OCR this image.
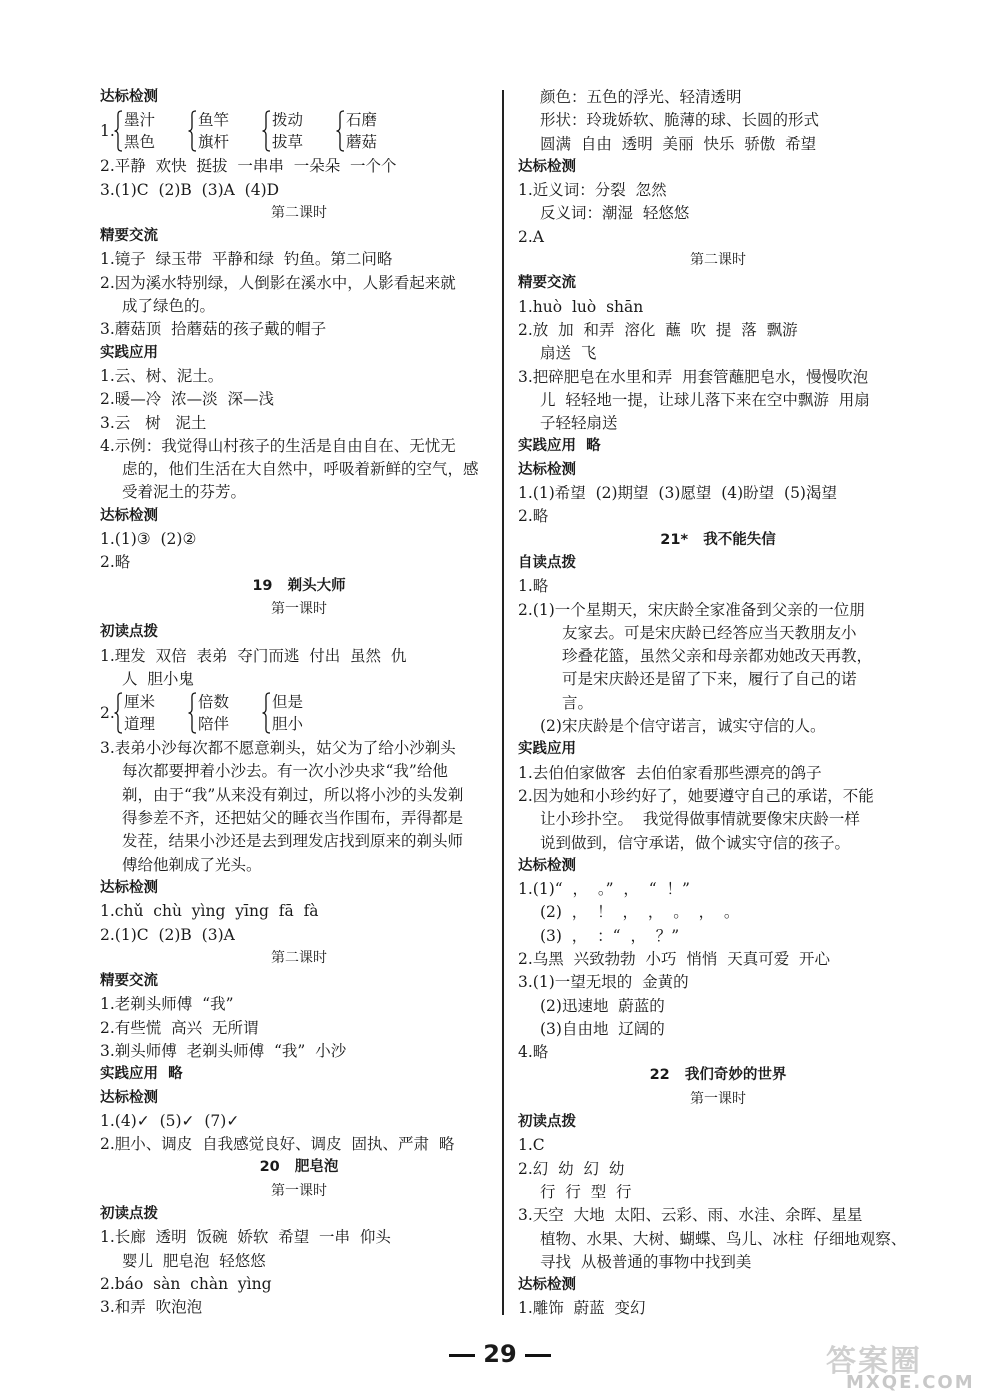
达标检测
1.
墨汁
黑色
鱼竿
旗杆
拨动
拔草
石磨
蘑菇
2.平静  欢快  挺拔  一串串  一朵朵  一个个
3.(1)C  (2)B  (3)A  (4)D
第二课时
精要交流
1.镜子  绿玉带  平静和绿  钓鱼。第二问略
2.因为溪水特别绿，人倒影在溪水中，人影看起来就
成了绿色的。
3.蘑菇顶  拾蘑菇的孩子戴的帽子
实践应用
1.云、树、泥土。
2.暖—冷  浓—淡  深—浅
3.云   树   泥土
4.示例：我觉得山村孩子的生活是自由自在、无忧无
虑的，他们生活在大自然中，呼吸着新鲜的空气，感
受着泥土的芬芳。
达标检测
1.(1)③  (2)②
2.略
19   剃头大师
第一课时
初读点拨
1.理发  双倍  表弟  夺门而逃  付出  虽然  仇
人  胆小鬼
2.
厘米
道理
倍数
陪伴
但是
胆小
3.表弟小沙每次都不愿意剃头，姑父为了给小沙剃头
每次都要押着小沙去。有一次小沙央求“我”给他
剃，由于“我”从来没有剃过，所以将小沙的头发剃
得参差不齐，还把姑父的睡衣当作围布，弄得都是
发茬，结果小沙还是去到理发店找到原来的剃头师
傅给他剃成了光头。
达标检测
1.chǔ  chù  yìng  yīng  fā  fà
2.(1)C  (2)B  (3)A
第二课时
精要交流
1.老剃头师傅  “我”
2.有些慌  高兴  无所谓
3.剃头师傅  老剃头师傅  “我”  小沙
实践应用  略
达标检测
1.(4)✓  (5)✓  (7)✓
2.胆小、调皮  自我感觉良好、调皮  固执、严肃  略
20   肥皂泡
第一课时
初读点拨
1.长廊  透明  饭碗  娇软  希望  一串  仰头
婴儿  肥皂泡  轻悠悠
2.báo  sàn  chàn  yìng
3.和弄  吹泡泡
颜色：五色的浮光、轻清透明
形状：玲珑娇软、脆薄的球、长圆的形式
圆满  自由  透明  美丽  快乐  骄傲  希望
达标检测
1.近义词：分裂  忽然
反义词：潮湿  轻悠悠
2.A
第二课时
精要交流
1.huò  luò  shān
2.放  加  和弄  溶化  蘸  吹  提  落  飘游
扇送  飞
3.把碎肥皂在水里和弄  用套管蘸肥皂水，慢慢吹泡
儿  轻轻地一提，让球儿落下来在空中飘游  用扇
子轻轻扇送
实践应用  略
达标检测
1.(1)希望  (2)期望  (3)愿望  (4)盼望  (5)渴望
2.略
21*   我不能失信
自读点拨
1.略
2.(1)一个星期天，宋庆龄全家准备到父亲的一位朋
友家去。可是宋庆龄已经答应当天教朋友小
珍叠花篮，虽然父亲和母亲都劝她改天再教，
可是宋庆龄还是留了下来，履行了自己的诺
言。
(2)宋庆龄是个信守诺言，诚实守信的人。
实践应用
1.去伯伯家做客  去伯伯家看那些漂亮的鸽子
2.因为她和小珍约好了，她要遵守自己的承诺，不能
让小珍扑空。  我觉得做事情就要像宋庆龄一样
说到做到，信守承诺，做个诚实守信的孩子。
达标检测
1.(1)“  ，  。”  ，  “  ！”
(2)  ，  ！  ，  ，  。  ，  。
(3)  ，  ：“  ，  ？”
2.乌黑  兴致勃勃  小巧  悄悄  天真可爱  开心
3.(1)一望无垠的  金黄的
(2)迅速地  蔚蓝的
(3)自由地  辽阔的
4.略
22   我们奇妙的世界
第一课时
初读点拨
1.C
2.幻  幼  幻  幼
行  行  型  行
3.天空  大地  太阳、云彩、雨、水洼、余晖、星星
植物、水果、大树、蝴蝶、鸟儿、冰柱  仔细地观察、
寻找  从极普通的事物中找到美
达标检测
1.雕饰  蔚蓝  变幻
29	答案圈
MXQE.COM
